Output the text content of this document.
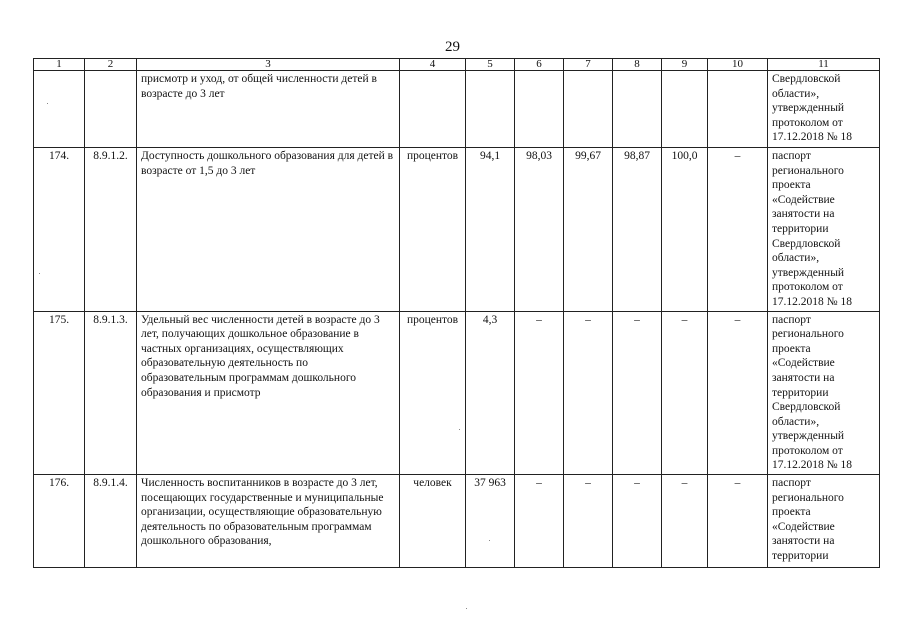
29
1	2	3	4	5	6	7	8	9	10	11
		присмотр и уход, от общей численности детей в возрасте до 3 лет								Свердловской области», утвержденный протоколом от 17.12.2018 № 18
174.	8.9.1.2.	Доступность дошкольного образования для детей в возрасте от 1,5 до 3 лет	процентов	94,1	98,03	99,67	98,87	100,0	–	паспорт регионального проекта «Содействие занятости на территории Свердловской области», утвержденный протоколом от 17.12.2018 № 18
175.	8.9.1.3.	Удельный вес численности детей в возрасте до 3 лет, получающих дошкольное образование в частных организациях, осуществляющих образовательную деятельность по образовательным программам дошкольного образования и присмотр	процентов	4,3	–	–	–	–	–	паспорт регионального проекта «Содействие занятости на территории Свердловской области», утвержденный протоколом от 17.12.2018 № 18
176.	8.9.1.4.	Численность воспитанников в возрасте до 3 лет, посещающих государственные и муниципальные организации, осуществляющие образовательную деятельность по образовательным программам дошкольного образования,	человек	37 963	–	–	–	–	–	паспорт регионального проекта «Содействие занятости на территории
